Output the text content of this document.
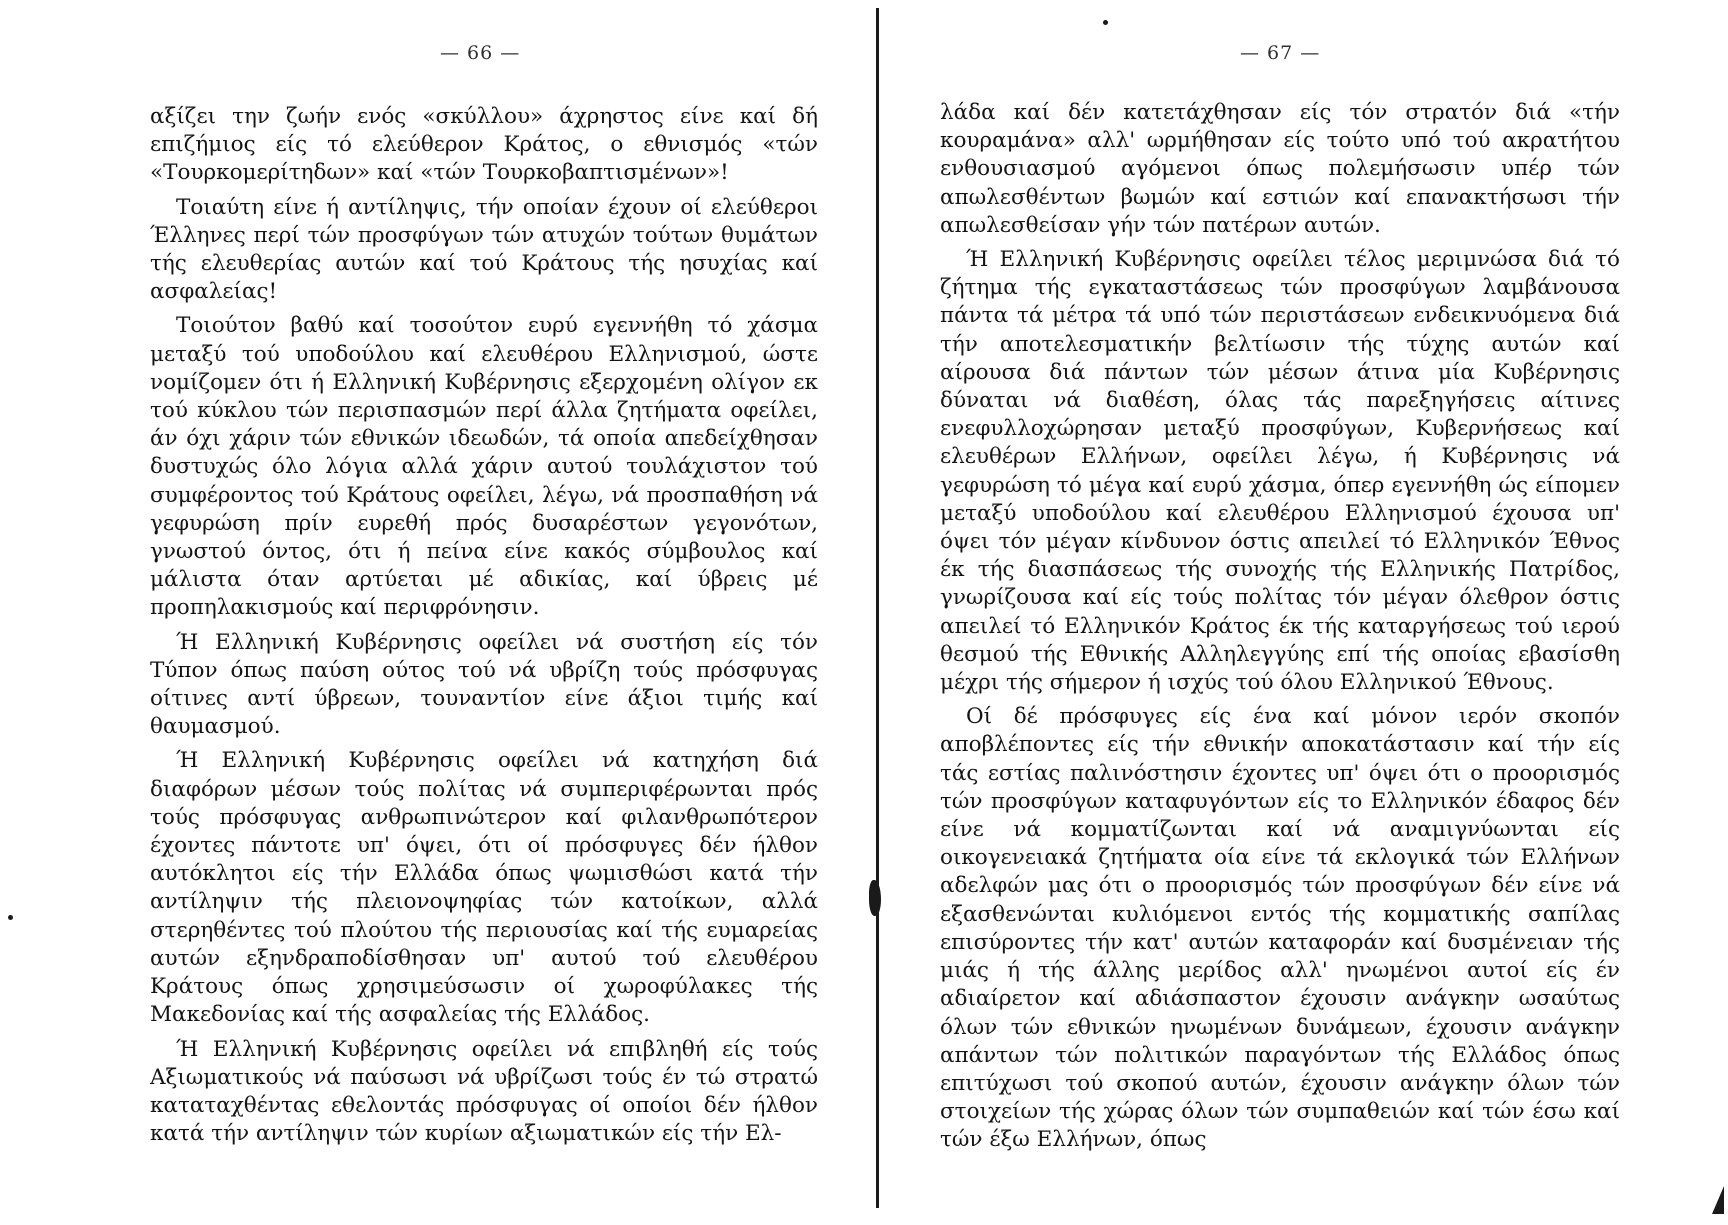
— 66 —

αξίζει την ζωήν ενός «σκύλλου» άχρηστος είνε καί δή επιζήμιος είς τό ελεύθερον Κράτος, ο εθνισμός «τών «Τουρκομερίτηδων» καί «τών Τουρκοβαπτισμένων»!

Τοιαύτη είνε ή αντίληψις, τήν οποίαν έχουν οί ελεύθεροι Έλληνες περί τών προσφύγων τών ατυχών τούτων θυμάτων τής ελευθερίας αυτών καί τού Κράτους τής ησυχίας καί ασφαλείας!

Τοιούτον βαθύ καί τοσούτον ευρύ εγεννήθη τό χάσμα μεταξύ τού υποδούλου καί ελευθέρου Ελληνισμού, ώστε νομίζομεν ότι ή Ελληνική Κυβέρνησις εξερχομένη ολίγον εκ τού κύκλου τών περισπασμών περί άλλα ζητήματα οφείλει, άν όχι χάριν τών εθνικών ιδεωδών, τά οποία απεδείχθησαν δυστυχώς όλο λόγια αλλά χάριν αυτού τουλάχιστον τού συμφέροντος τού Κράτους οφείλει, λέγω, νά προσπαθήση νά γεφυρώση πρίν ευρεθή πρός δυσαρέστων γεγονότων, γνωστού όντος, ότι ή πείνα είνε κακός σύμβουλος καί μάλιστα όταν αρτύεται μέ αδικίας, καί ύβρεις μέ προπηλακισμούς καί περιφρόνησιν.

Ή Ελληνική Κυβέρνησις οφείλει νά συστήση είς τόν Τύπον όπως παύση ούτος τού νά υβρίζη τούς πρόσφυγας οίτινες αντί ύβρεων, τουναντίον είνε άξιοι τιμής καί θαυμασμού.

Ή Ελληνική Κυβέρνησις οφείλει νά κατηχήση διά διαφόρων μέσων τούς πολίτας νά συμπεριφέρωνται πρός τούς πρόσφυγας ανθρωπινώτερον καί φιλανθρωπότερον έχοντες πάντοτε υπ' όψει, ότι οί πρόσφυγες δέν ήλθον αυτόκλητοι είς τήν Ελλάδα όπως ψωμισθώσι κατά τήν αντίληψιν τής πλειονοψηφίας τών κατοίκων, αλλά στερηθέντες τού πλούτου τής περιουσίας καί τής ευμαρείας αυτών εξηνδραποδίσθησαν υπ' αυτού τού ελευθέρου Κράτους όπως χρησιμεύσωσιν οί χωροφύλακες τής Μακεδονίας καί τής ασφαλείας τής Ελλάδος.

Ή Ελληνική Κυβέρνησις οφείλει νά επιβληθή είς τούς Αξιωματικούς νά παύσωσι νά υβρίζωσι τούς έν τώ στρατώ καταταχθέντας εθελοντάς πρόσφυγας οί οποίοι δέν ήλθον κατά τήν αντίληψιν τών κυρίων αξιωματικών είς τήν Ελ-

— 67 —

λάδα καί δέν κατετάχθησαν είς τόν στρατόν διά «τήν κουραμάνα» αλλ' ωρμήθησαν είς τούτο υπό τού ακρατήτου ενθουσιασμού αγόμενοι όπως πολεμήσωσιν υπέρ τών απωλεσθέντων βωμών καί εστιών καί επανακτήσωσι τήν απωλεσθείσαν γήν τών πατέρων αυτών.

Ή Ελληνική Κυβέρνησις οφείλει τέλος μεριμνώσα διά τό ζήτημα τής εγκαταστάσεως τών προσφύγων λαμβάνουσα πάντα τά μέτρα τά υπό τών περιστάσεων ενδεικνυόμενα διά τήν αποτελεσματικήν βελτίωσιν τής τύχης αυτών καί αίρουσα διά πάντων τών μέσων άτινα μία Κυβέρνησις δύναται νά διαθέση, όλας τάς παρεξηγήσεις αίτινες ενεφυλλοχώρησαν μεταξύ προσφύγων, Κυβερνήσεως καί ελευθέρων Ελλήνων, οφείλει λέγω, ή Κυβέρνησις νά γεφυρώση τό μέγα καί ευρύ χάσμα, όπερ εγεννήθη ώς είπομεν μεταξύ υποδούλου καί ελευθέρου Ελληνισμού έχουσα υπ' όψει τόν μέγαν κίνδυνον όστις απειλεί τό Ελληνικόν Έθνος έκ τής διασπάσεως τής συνοχής τής Ελληνικής Πατρίδος, γνωρίζουσα καί είς τούς πολίτας τόν μέγαν όλεθρον όστις απειλεί τό Ελληνικόν Κράτος έκ τής καταργήσεως τού ιερού θεσμού τής Εθνικής Αλληλεγγύης επί τής οποίας εβασίσθη μέχρι τής σήμερον ή ισχύς τού όλου Ελληνικού Έθνους.

Οί δέ πρόσφυγες είς ένα καί μόνον ιερόν σκοπόν αποβλέποντες είς τήν εθνικήν αποκατάστασιν καί τήν είς τάς εστίας παλινόστησιν έχοντες υπ' όψει ότι ο προορισμός τών προσφύγων καταφυγόντων είς το Ελληνικόν έδαφος δέν είνε νά κομματίζωνται καί νά αναμιγνύωνται είς οικογενειακά ζητήματα οία είνε τά εκλογικά τών Ελλήνων αδελφών μας ότι ο προορισμός τών προσφύγων δέν είνε νά εξασθενώνται κυλιόμενοι εντός τής κομματικής σαπίλας επισύροντες τήν κατ' αυτών καταφοράν καί δυσμένειαν τής μιάς ή τής άλλης μερίδος αλλ' ηνωμένοι αυτοί είς έν αδιαίρετον καί αδιάσπαστον έχουσιν ανάγκην ωσαύτως όλων τών εθνικών ηνωμένων δυνάμεων, έχουσιν ανάγκην απάντων τών πολιτικών παραγόντων τής Ελλάδος όπως επιτύχωσι τού σκοπού αυτών, έχουσιν ανάγκην όλων τών στοιχείων τής χώρας όλων τών συμπαθειών καί τών έσω καί τών έξω Ελλήνων, όπως
